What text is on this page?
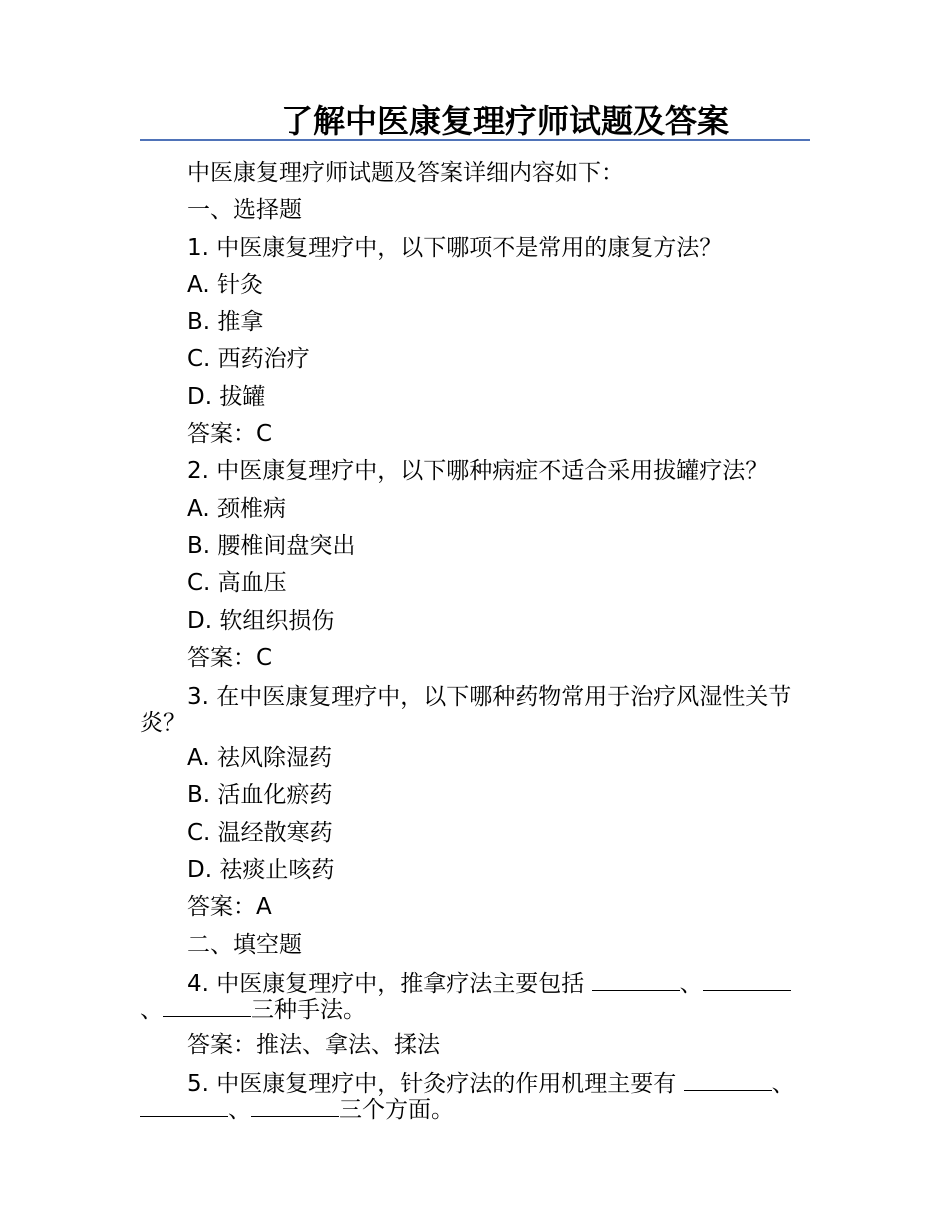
了解中医康复理疗师试题及答案

中医康复理疗师试题及答案详细内容如下：

一、选择题

1. 中医康复理疗中，以下哪项不是常用的康复方法？

A. 针灸

B. 推拿

C. 西药治疗

D. 拔罐

答案：C

2. 中医康复理疗中，以下哪种病症不适合采用拔罐疗法？

A. 颈椎病

B. 腰椎间盘突出

C. 高血压

D. 软组织损伤

答案：C

3. 在中医康复理疗中，以下哪种药物常用于治疗风湿性关节炎？

A. 祛风除湿药

B. 活血化瘀药

C. 温经散寒药

D. 祛痰止咳药

答案：A

二、填空题

4. 中医康复理疗中，推拿疗法主要包括	、、	三种手法。

答案：推法、拿法、揉法

5. 中医康复理疗中，针灸疗法的作用机理主要有	、、	三个方面。
